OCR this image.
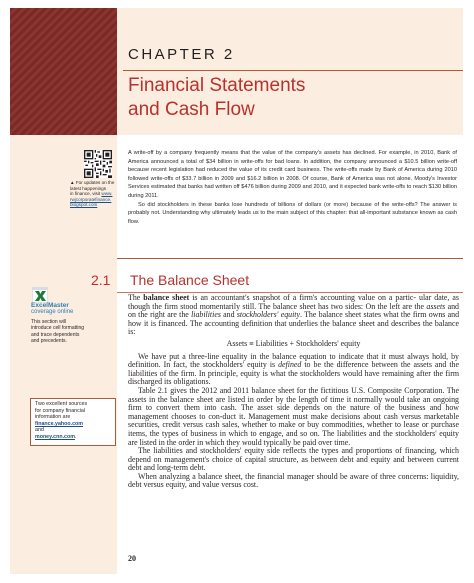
CHAPTER 2
Financial Statements
and Cash Flow
▲ For updates on the
latest happenings
in finance, visit www.
rwjcorporatefinance.
blogspot.com

A write-off by a company frequently means that the value of the company's assets has declined. For example, in 2010, Bank of America announced a total of $34 billion in write-offs for bad loans. In addition, the company announced a $10.5 billion write-off because recent legislation had reduced the value of its credit card business. The write-offs made by Bank of America during 2010 followed write-offs of $33.7 billion in 2009 and $16.2 billion in 2008. Of course, Bank of America was not alone. Moody's Investor Services estimated that banks had written off $476 billion during 2009 and 2010, and it expected bank write-offs to reach $130 billion during 2011.

So did stockholders in these banks lose hundreds of billions of dollars (or more) because of the write-offs? The answer is probably not. Understanding why ultimately leads us to the main subject of this chapter: that all-important substance known as cash flow.

2.1 The Balance Sheet
ExcelMaster
coverage online
This section will
introduce cell formatting
and trace dependents
and precedents.
Two excellent sources
for company financial
information are
finance.yahoo.com
and
money.cnn.com.

The balance sheet is an accountant's snapshot of a firm's accounting value on a partic- ular date, as though the firm stood momentarily still. The balance sheet has two sides: On the left are the assets and on the right are the liabilities and stockholders' equity. The balance sheet states what the firm owns and how it is financed. The accounting definition that underlies the balance sheet and describes the balance is:

Assets ≡ Liabilities + Stockholders' equity

We have put a three-line equality in the balance equation to indicate that it must always hold, by definition. In fact, the stockholders' equity is defined to be the difference between the assets and the liabilities of the firm. In principle, equity is what the stockholders would have remaining after the firm discharged its obligations.

Table 2.1 gives the 2012 and 2011 balance sheet for the fictitious U.S. Composite Corporation. The assets in the balance sheet are listed in order by the length of time it normally would take an ongoing firm to convert them into cash. The asset side depends on the nature of the business and how management chooses to con-duct it. Management must make decisions about cash versus marketable securities, credit versus cash sales, whether to make or buy commodities, whether to lease or purchase items, the types of business in which to engage, and so on. The liabilities and the stockholders' equity are listed in the order in which they would typically be paid over time.

The liabilities and stockholders' equity side reflects the types and proportions of financing, which depend on management's choice of capital structure, as between debt and equity and between current debt and long-term debt.

When analyzing a balance sheet, the financial manager should be aware of three concerns: liquidity, debt versus equity, and value versus cost.

20
